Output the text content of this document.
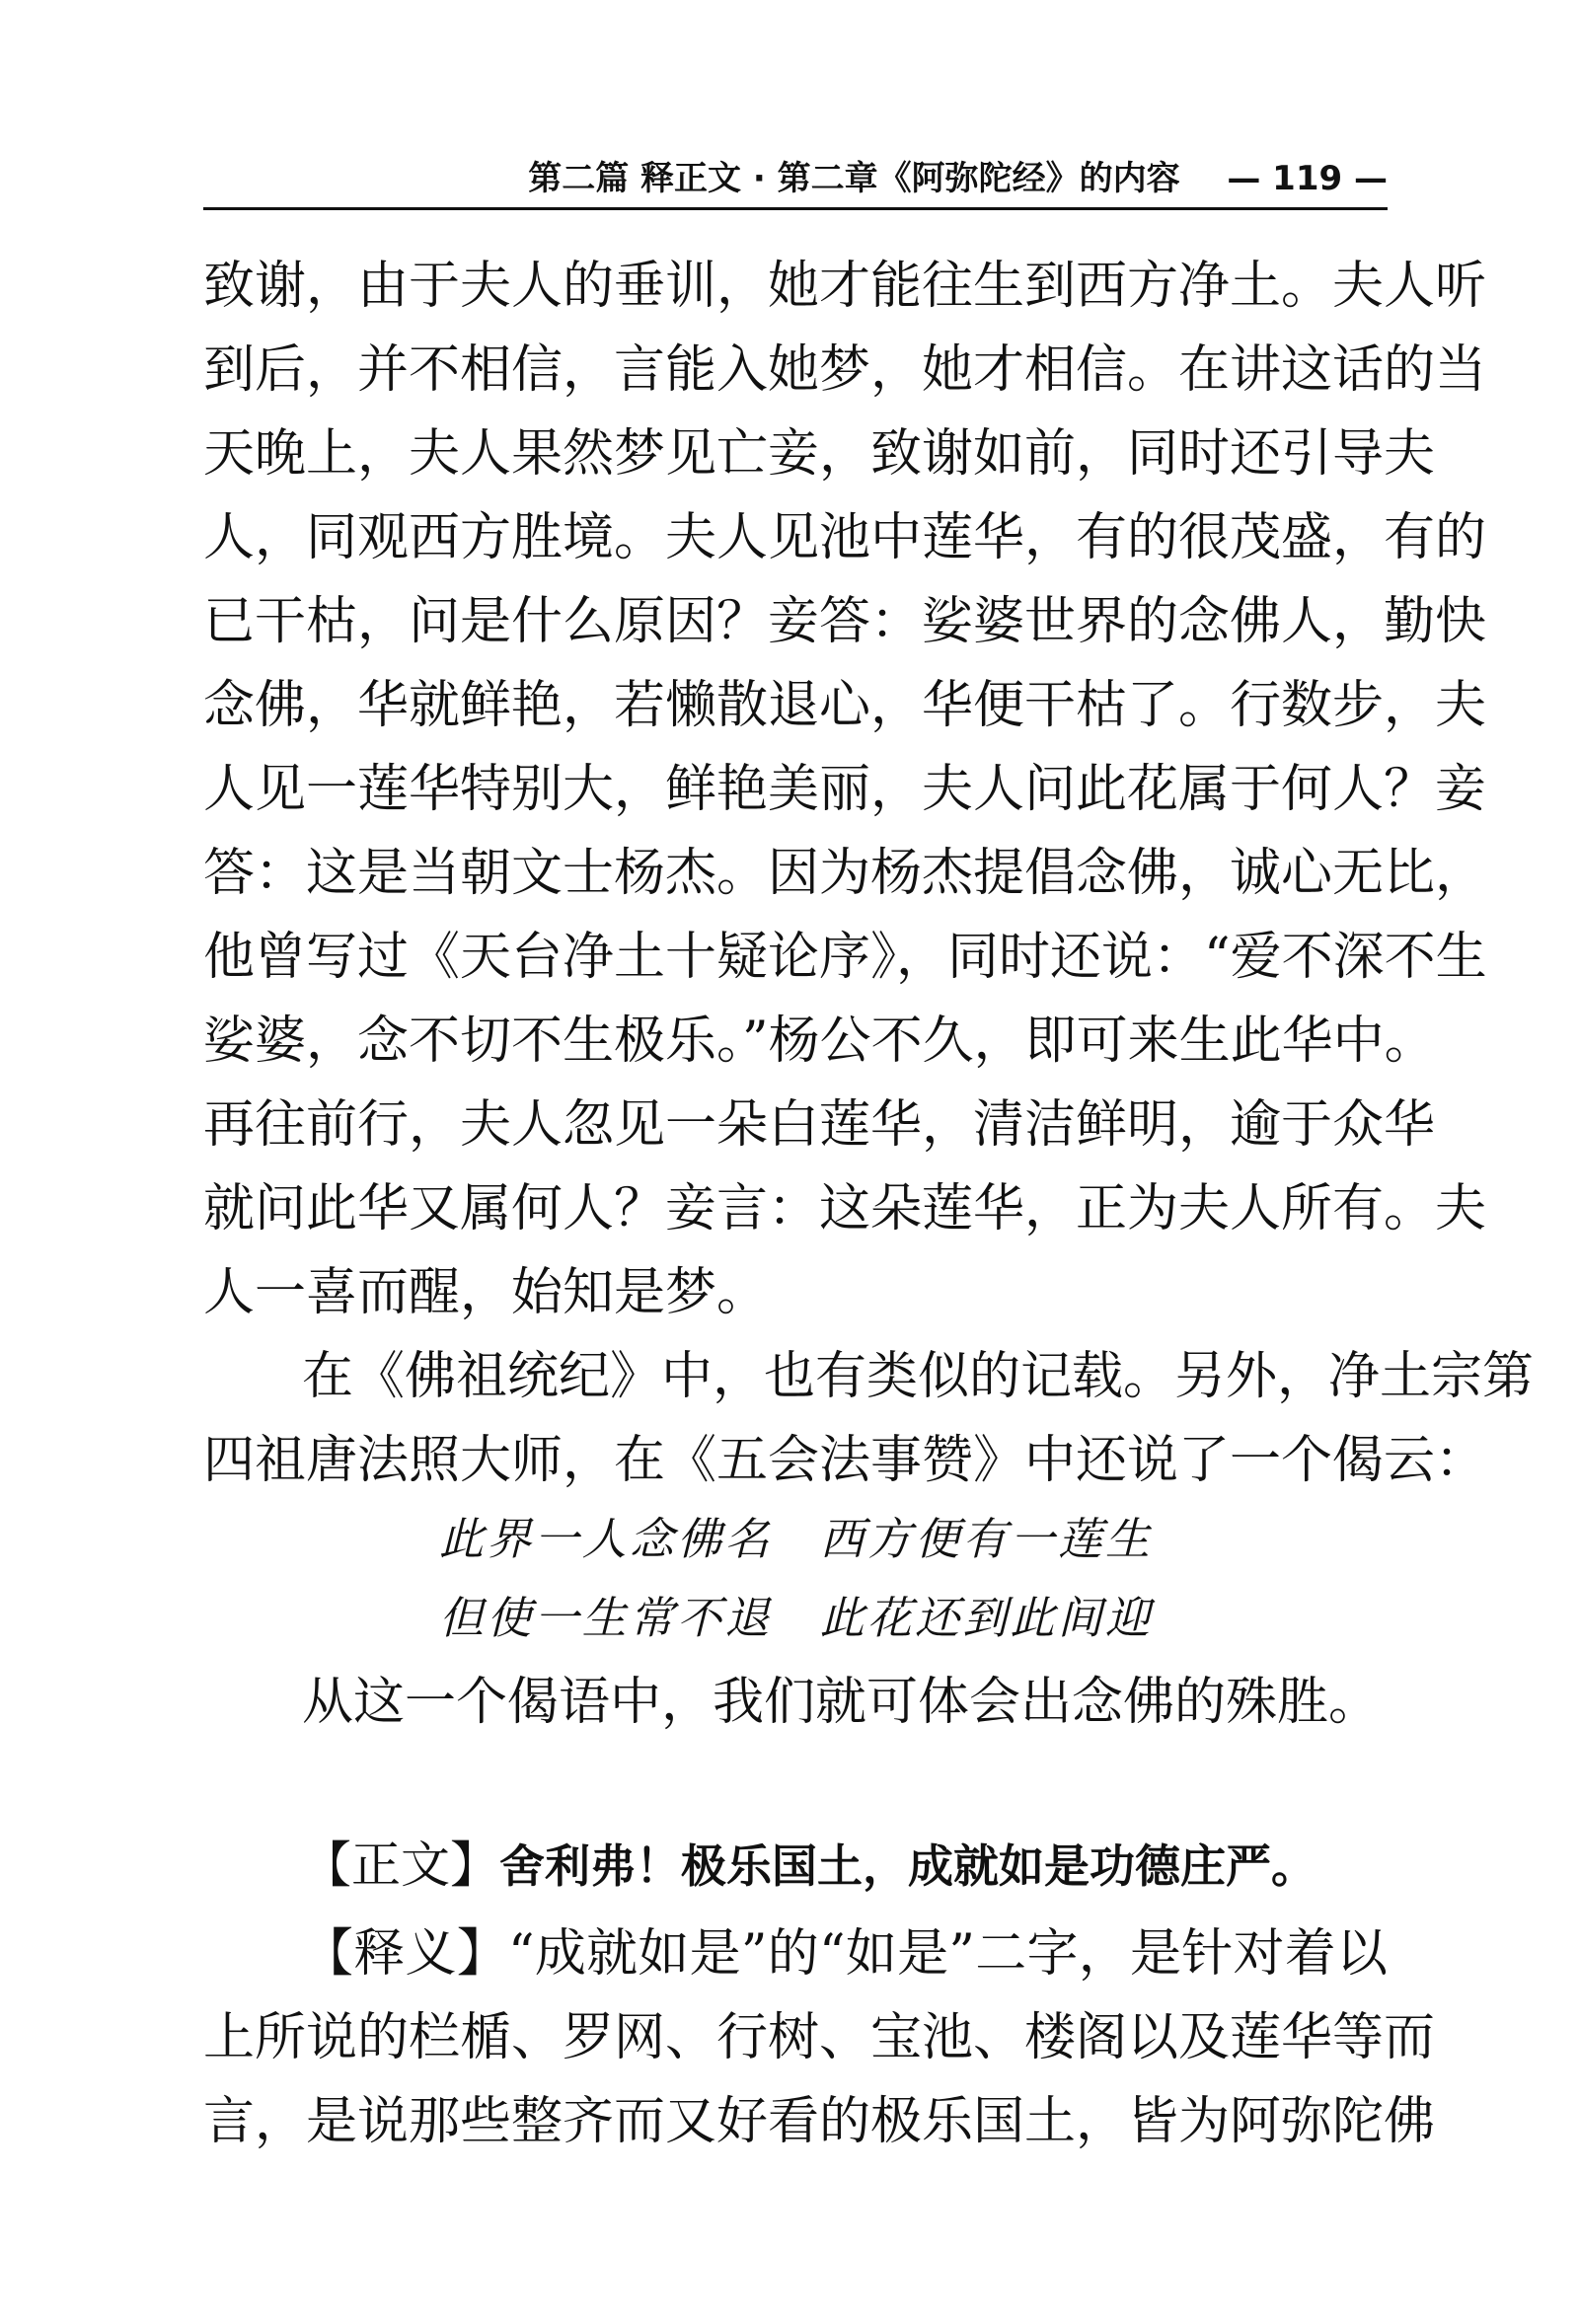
第二篇 释正文 · 第二章《阿弥陀经》的内容 — 119 —
致谢，由于夫人的垂训，她才能往生到西方净土。夫人听
到后，并不相信，言能入她梦，她才相信。在讲这话的当
天晚上，夫人果然梦见亡妾，致谢如前，同时还引导夫
人，同观西方胜境。夫人见池中莲华，有的很茂盛，有的
已干枯，问是什么原因？妾答：娑婆世界的念佛人，勤快
念佛，华就鲜艳，若懒散退心，华便干枯了。行数步，夫
人见一莲华特别大，鲜艳美丽，夫人问此花属于何人？妾
答：这是当朝文士杨杰。因为杨杰提倡念佛，诚心无比，
他曾写过《天台净土十疑论序》，同时还说：“爱不深不生
娑婆，念不切不生极乐。”杨公不久，即可来生此华中。
再往前行，夫人忽见一朵白莲华，清洁鲜明，逾于众华
就问此华又属何人？妾言：这朵莲华，正为夫人所有。夫
人一喜而醒，始知是梦。
在《佛祖统纪》中，也有类似的记载。另外，净土宗第
四祖唐法照大师，在《五会法事赞》中还说了一个偈云：
此界一人念佛名　西方便有一莲生
但使一生常不退　此花还到此间迎
从这一个偈语中，我们就可体会出念佛的殊胜。
【正文】舍利弗！极乐国土，成就如是功德庄严。
【释义】“成就如是”的“如是”二字，是针对着以
上所说的栏楯、罗网、行树、宝池、楼阁以及莲华等而
言，是说那些整齐而又好看的极乐国土，皆为阿弥陀佛
